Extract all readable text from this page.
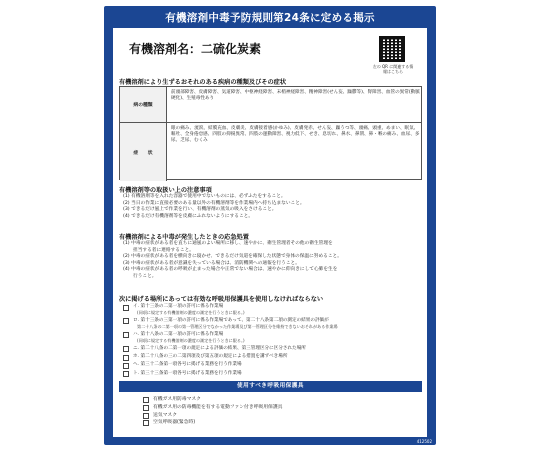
有機溶剤中毒予防規則第24条に定める掲示
有機溶剤名：二硫化炭素
左の QR に関連する情報はこちら
有機溶剤により生ずるおそれのある疾病の種類及びその症状
病の種類
前頭部障害、皮膚障害、気道障害、中枢神経障害、末梢神経障害、精神障害(せん妄、躁鬱等)、腎障害、血管の異常(動脈硬化)、生殖毒性あり
症　　状
眼の痛み、流涙、結膜充血、皮膚炎、皮膚接着感(かゆみ)、皮膚発赤、せん妄、躁うつ等、頭痛、頭重、めまい、眠気、嘔吐、全身倦怠感、四肢の抑揚異常、四肢の運動障害、視力低下、せき、息切れ、鼻水、鼻閉、鼻・喉の痛み、血尿、多尿、乏尿、むくみ
有機溶剤等の取扱い上の注意事項
(1) 有機溶剤等を入れた容器で使用中でないものには、必ずふたをすること。
(2) 当日の作業に直接必要のある量以外の有機溶剤等を作業場内へ持ち込まないこと。
(3) できるだけ風上で作業を行い、有機溶剤の蒸気の吸入をさけること。
(4) できるだけ有機溶剤等を皮膚にふれないようにすること。
有機溶剤による中毒が発生したときの応急処置
(1) 中毒の症状がある者を直ちに通風のよい場所に移し、速やかに、衛生管理者その他の衛生管理を
担当する者に連絡すること。
(2) 中毒の症状がある者を横向きに寝かせ、できるだけ気道を確保した状態で身体の保温に努めること。
(3) 中毒の症状がある者が意識を失っている場合は、消防機関への通報を行うこと。
(4) 中毒の症状がある者の呼吸が止まった場合や正常でない場合は、速やかに仰向きにして心肺を生を
行うこと。
次に掲げる場所にあっては有効な呼吸用保護具を使用しなければならない
イ. 第十三条の二第一項の許可に係る作業場
(同項に規定する有機溶剤の濃度の測定を行うときに限る。)
ロ. 第十三条の三第一項の許可に係る作業場であって、第二十八条第二項の測定の結果の評価が
第二十八条の二第一項の第一管理区分でなかった作業場及び第一管理区分を維持できないおそれがある作業場
ハ. 第十八条の二第一項の許可に係る作業場
(同項に規定する有機溶剤の濃度の測定を行うときに限る。)
ニ. 第二十八条の二第一項の規定による評価の結果、第三管理区分に区分された場所
ホ. 第二十八条の三の二第四項及び第五項の規定による措置を講ずべき場所
ヘ. 第三十二条第一項各号に掲げる業務を行う作業場
ト. 第三十三条第一項各号に掲げる業務を行う作業場
使用すべき呼吸用保護具
有機ガス用防毒マスク
有機ガス用の防毒機能を有する電動ファン付き呼吸用保護具
送気マスク
空気呼吸器(緊急時)
412502
